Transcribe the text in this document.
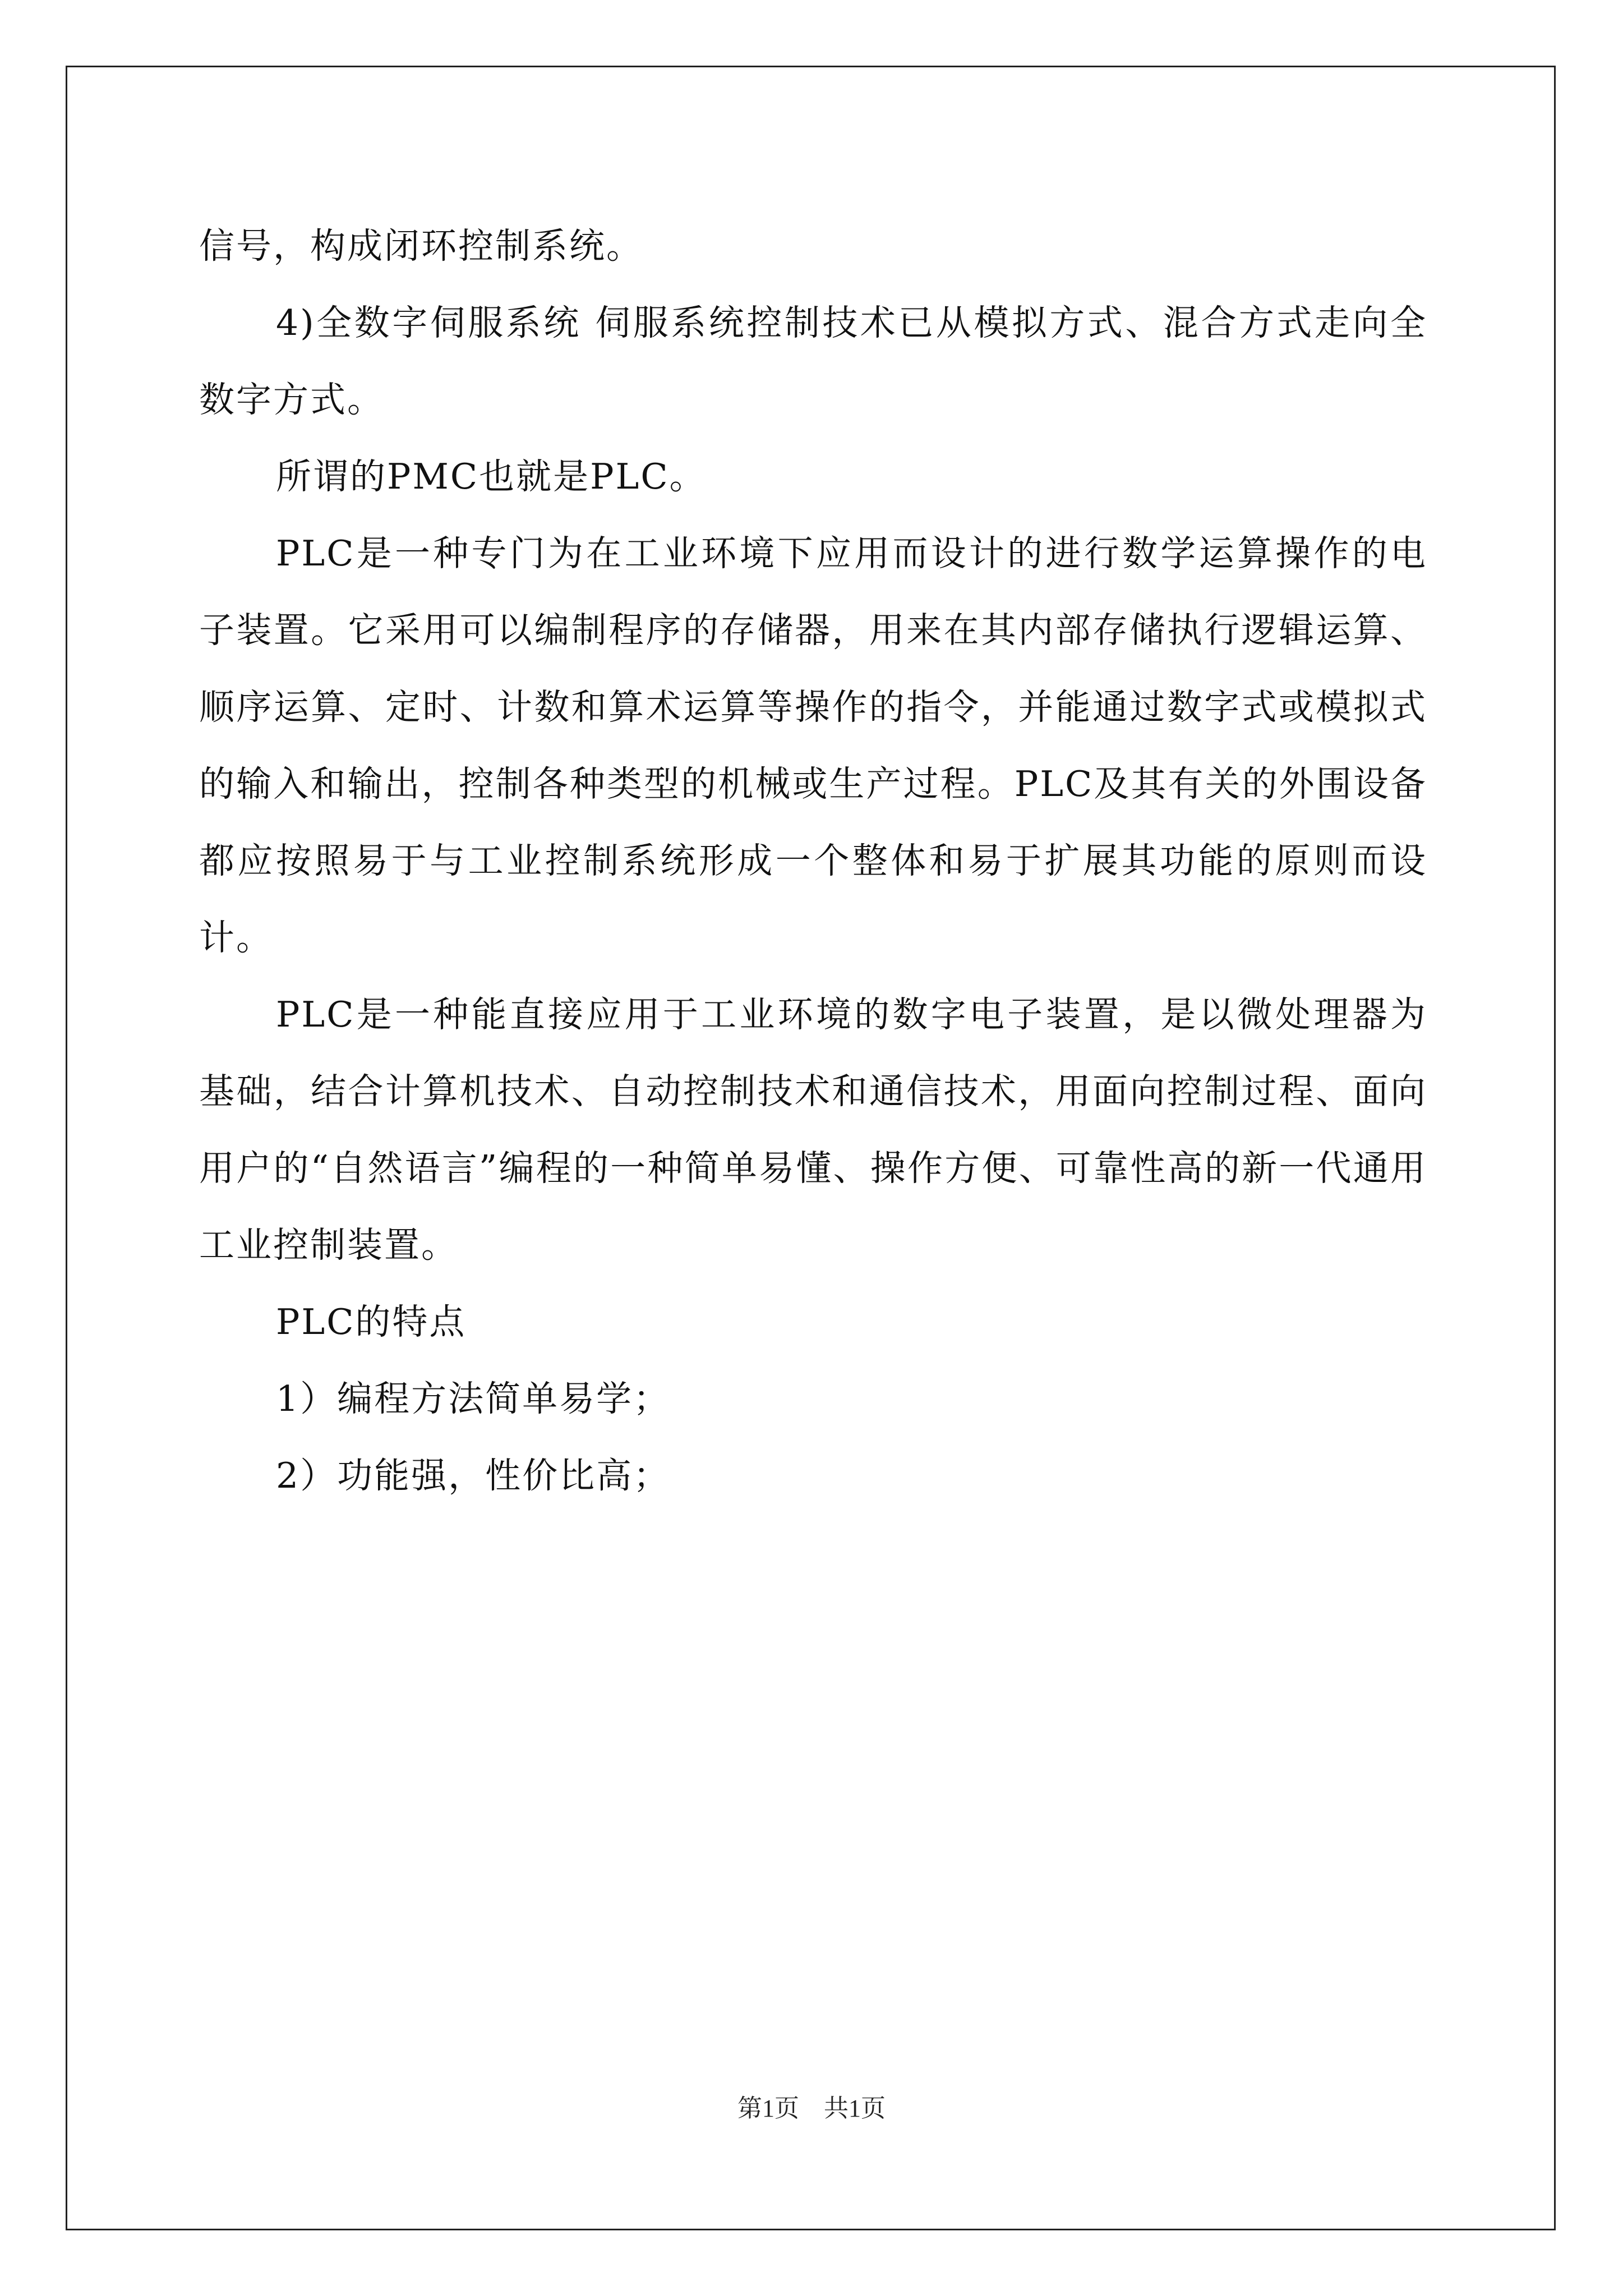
信号，构成闭环控制系统。

4)全数字伺服系统 伺服系统控制技术已从模拟方式、混合方式走向全数字方式。

所谓的PMC也就是PLC。

PLC是一种专门为在工业环境下应用而设计的进行数学运算操作的电子装置。它采用可以编制程序的存储器，用来在其内部存储执行逻辑运算、顺序运算、定时、计数和算术运算等操作的指令，并能通过数字式或模拟式的输入和输出，控制各种类型的机械或生产过程。PLC及其有关的外围设备都应按照易于与工业控制系统形成一个整体和易于扩展其功能的原则而设计。

PLC是一种能直接应用于工业环境的数字电子装置，是以微处理器为基础，结合计算机技术、自动控制技术和通信技术，用面向控制过程、面向用户的“自然语言”编程的一种简单易懂、操作方便、可靠性高的新一代通用工业控制装置。

PLC的特点

1）编程方法简单易学；

2）功能强，性价比高；

第1页　共1页
